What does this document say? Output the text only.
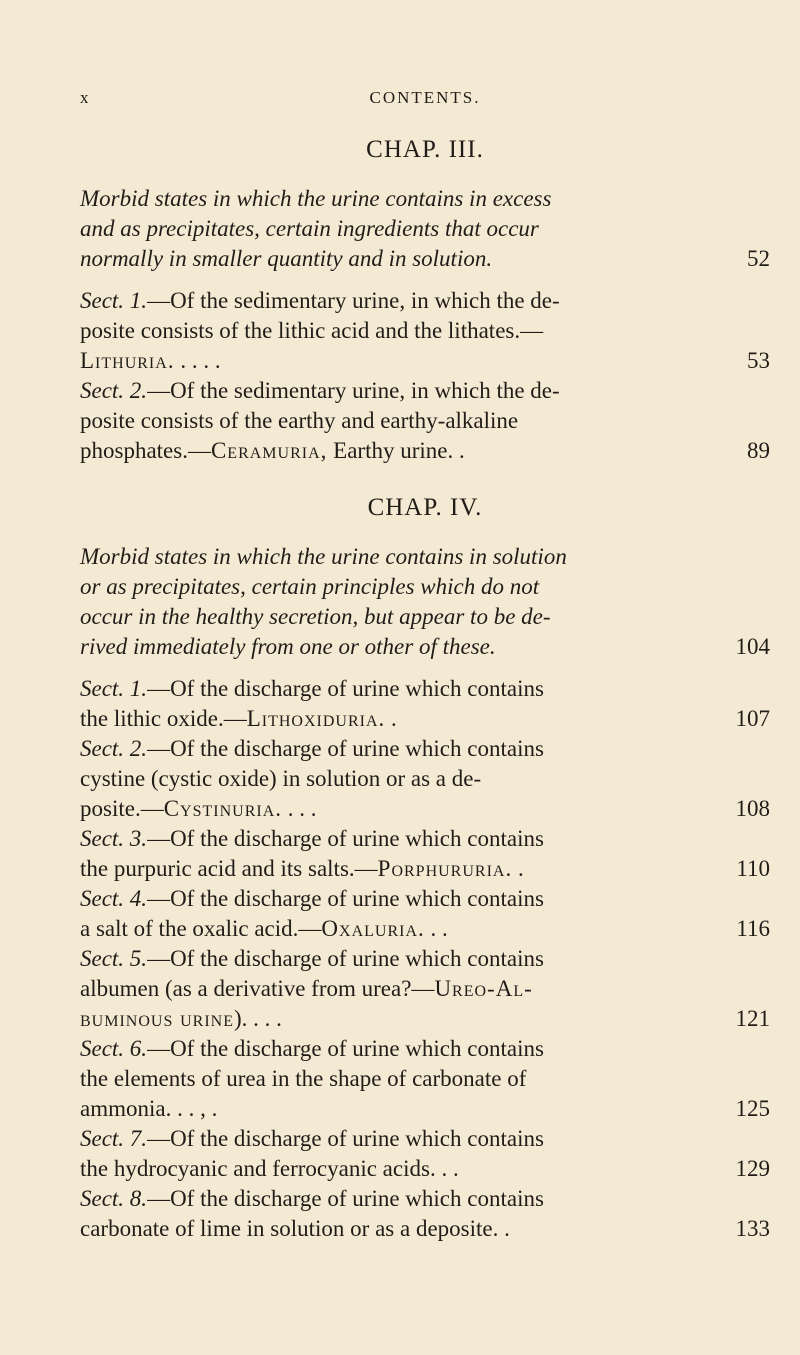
x	CONTENTS.
CHAP. III.

Morbid states in which the urine contains in excess
and as precipitates, certain ingredients that occur
normally in smaller quantity and in solution.	52

Sect. 1.—Of the sedimentary urine, in which the de-
posite consists of the lithic acid and the lithates.—
Lithuria. . . . .	53

Sect. 2.—Of the sedimentary urine, in which the de-
posite consists of the earthy and earthy-alkaline
phosphates.—Ceramuria, Earthy urine. .	89

CHAP. IV.

Morbid states in which the urine contains in solution
or as precipitates, certain principles which do not
occur in the healthy secretion, but appear to be de-
rived immediately from one or other of these.	104

Sect. 1.—Of the discharge of urine which contains
the lithic oxide.—Lithoxiduria. .	107

Sect. 2.—Of the discharge of urine which contains
cystine (cystic oxide) in solution or as a de-
posite.—Cystinuria. . . .	108

Sect. 3.—Of the discharge of urine which contains
the purpuric acid and its salts.—Porphururia. .	110

Sect. 4.—Of the discharge of urine which contains
a salt of the oxalic acid.—Oxaluria. . .	116

Sect. 5.—Of the discharge of urine which contains
albumen (as a derivative from urea?—Ureo-Al-
buminous urine). . . .	121

Sect. 6.—Of the discharge of urine which contains
the elements of urea in the shape of carbonate of
ammonia. . . , .	125

Sect. 7.—Of the discharge of urine which contains
the hydrocyanic and ferrocyanic acids. . .	129

Sect. 8.—Of the discharge of urine which contains
carbonate of lime in solution or as a deposite. .	133
